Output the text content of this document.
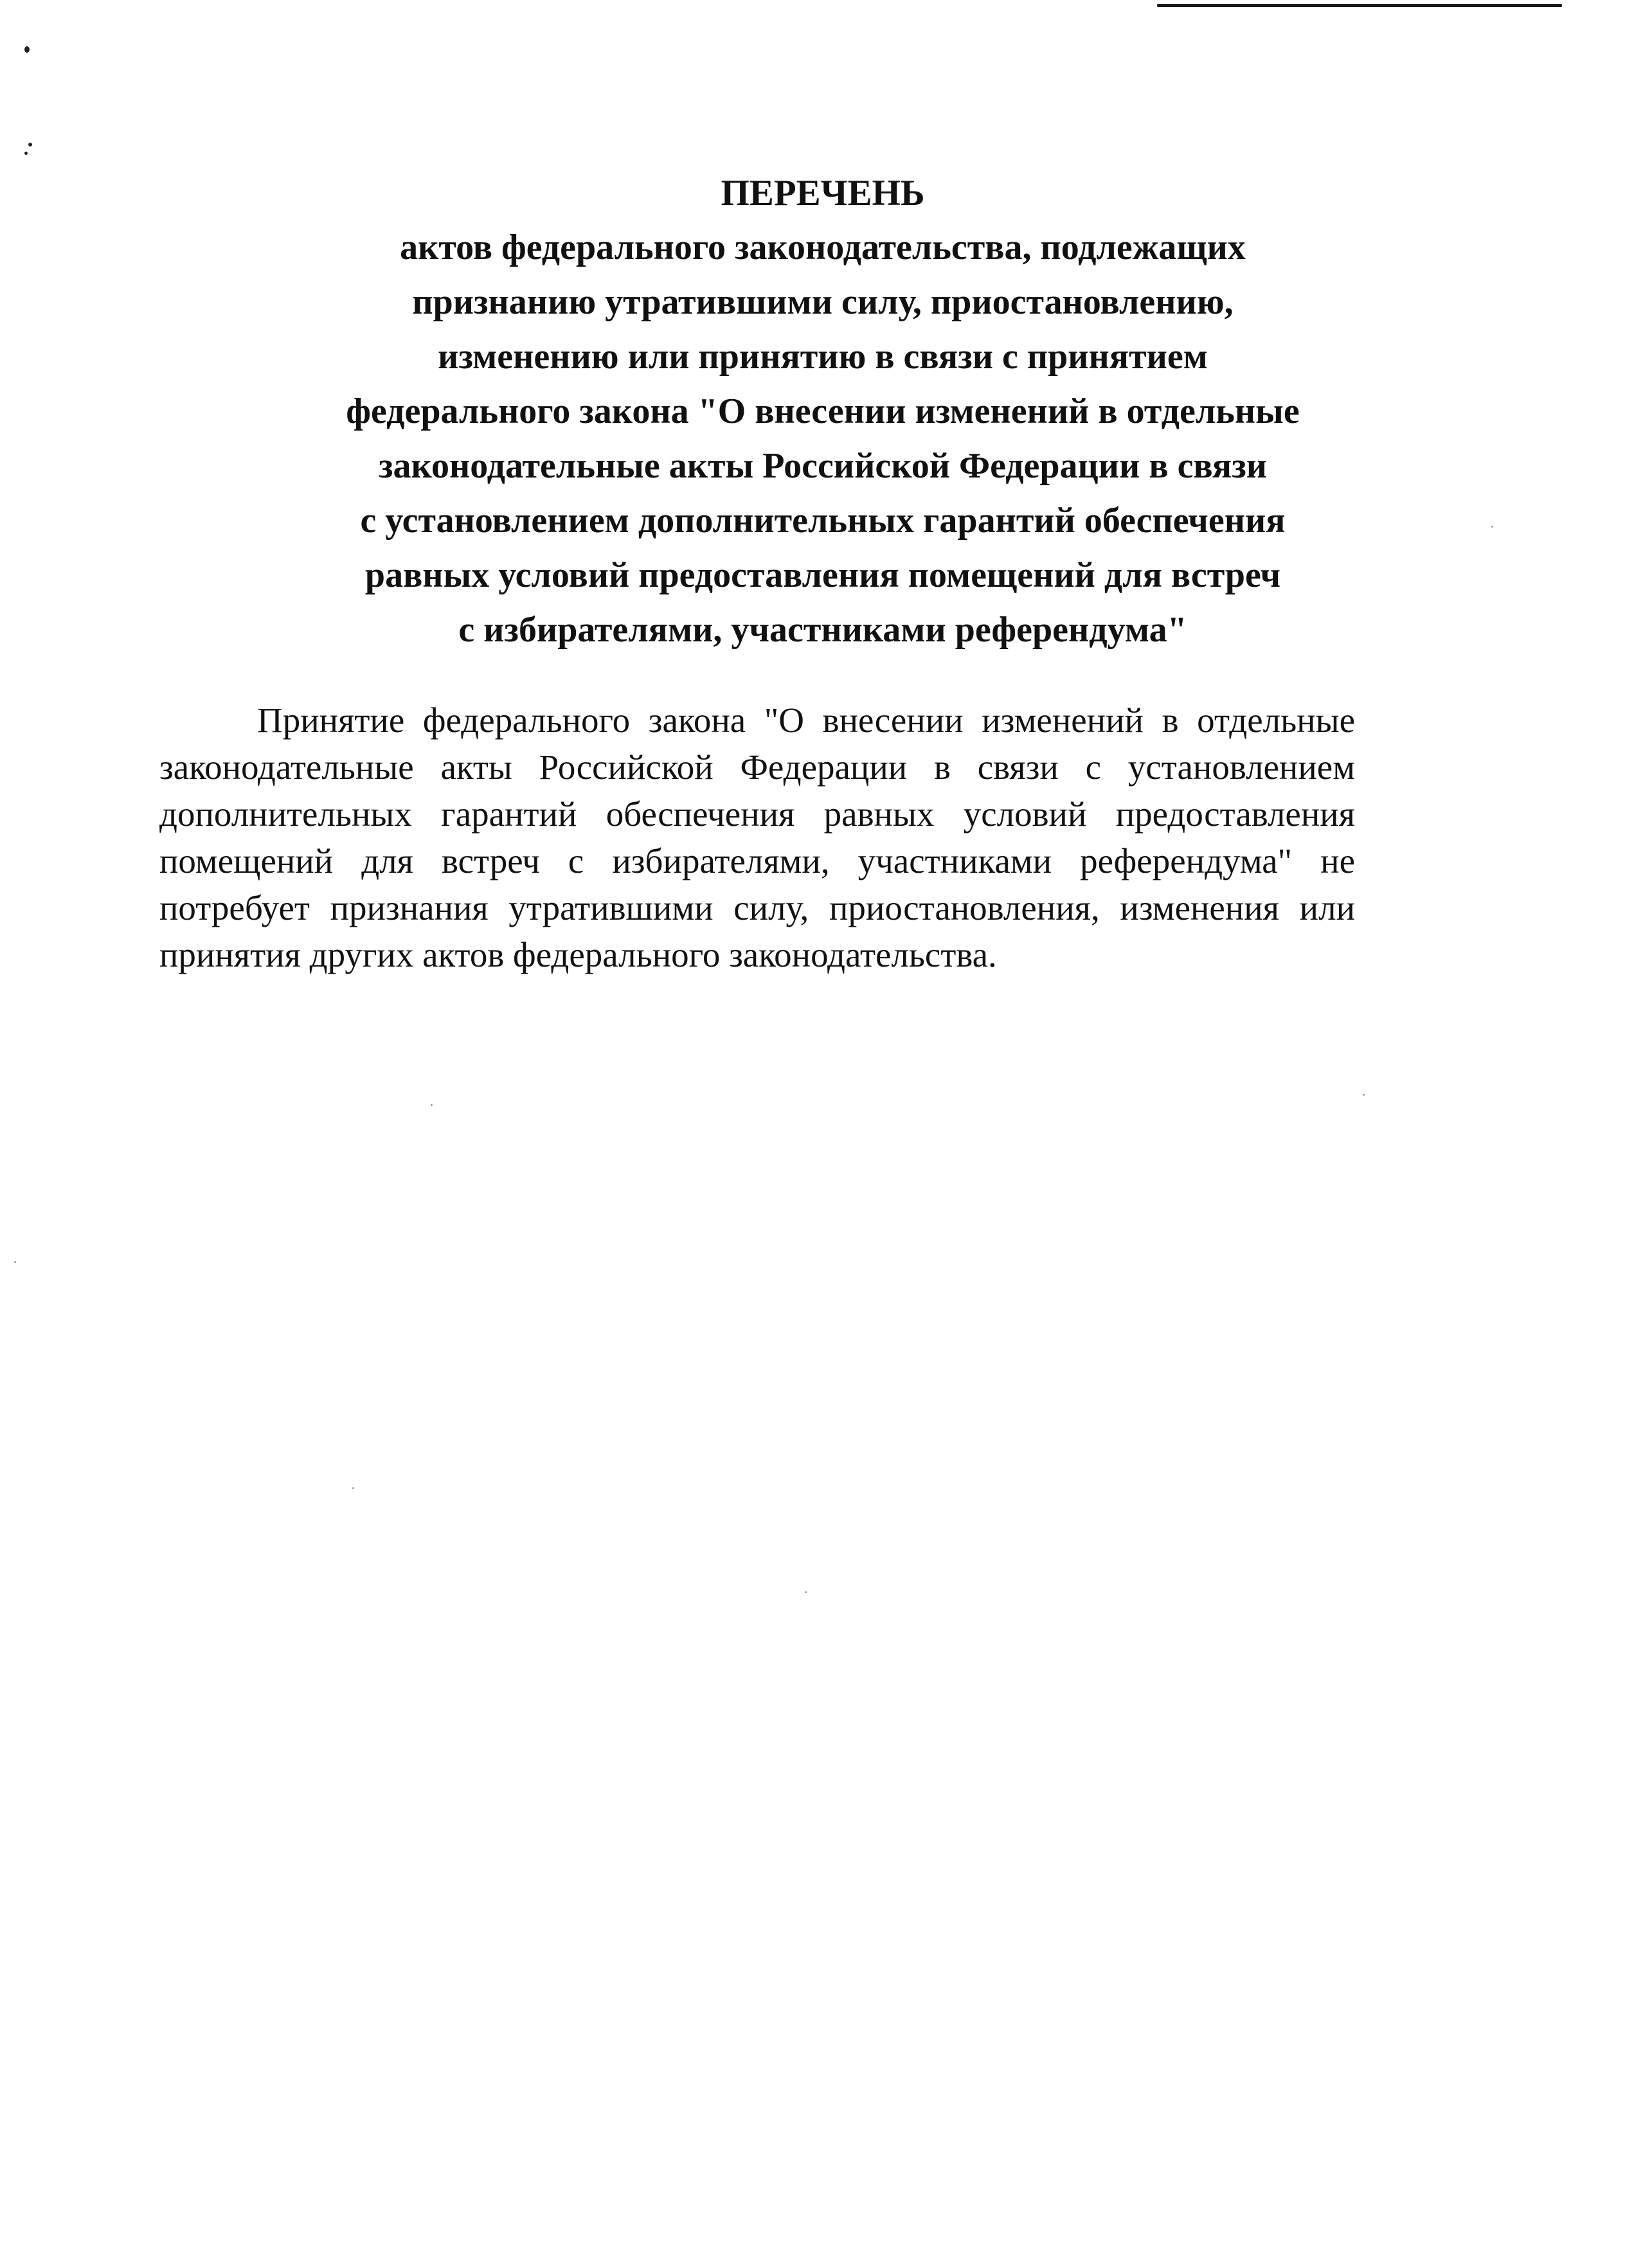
ПЕРЕЧЕНЬ
актов федерального законодательства, подлежащих
признанию утратившими силу, приостановлению,
изменению или принятию в связи с принятием
федерального закона "О внесении изменений в отдельные
законодательные акты Российской Федерации в связи
с установлением дополнительных гарантий обеспечения
равных условий предоставления помещений для встреч
с избирателями, участниками референдума"

Принятие федерального закона "О внесении изменений в отдельные законодательные акты Российской Федерации в связи с установлением дополнительных гарантий обеспечения равных условий предоставления помещений для встреч с избирателями, участниками референдума" не потребует признания утратившими силу, приостановления, изменения или принятия других актов федерального законодательства.
